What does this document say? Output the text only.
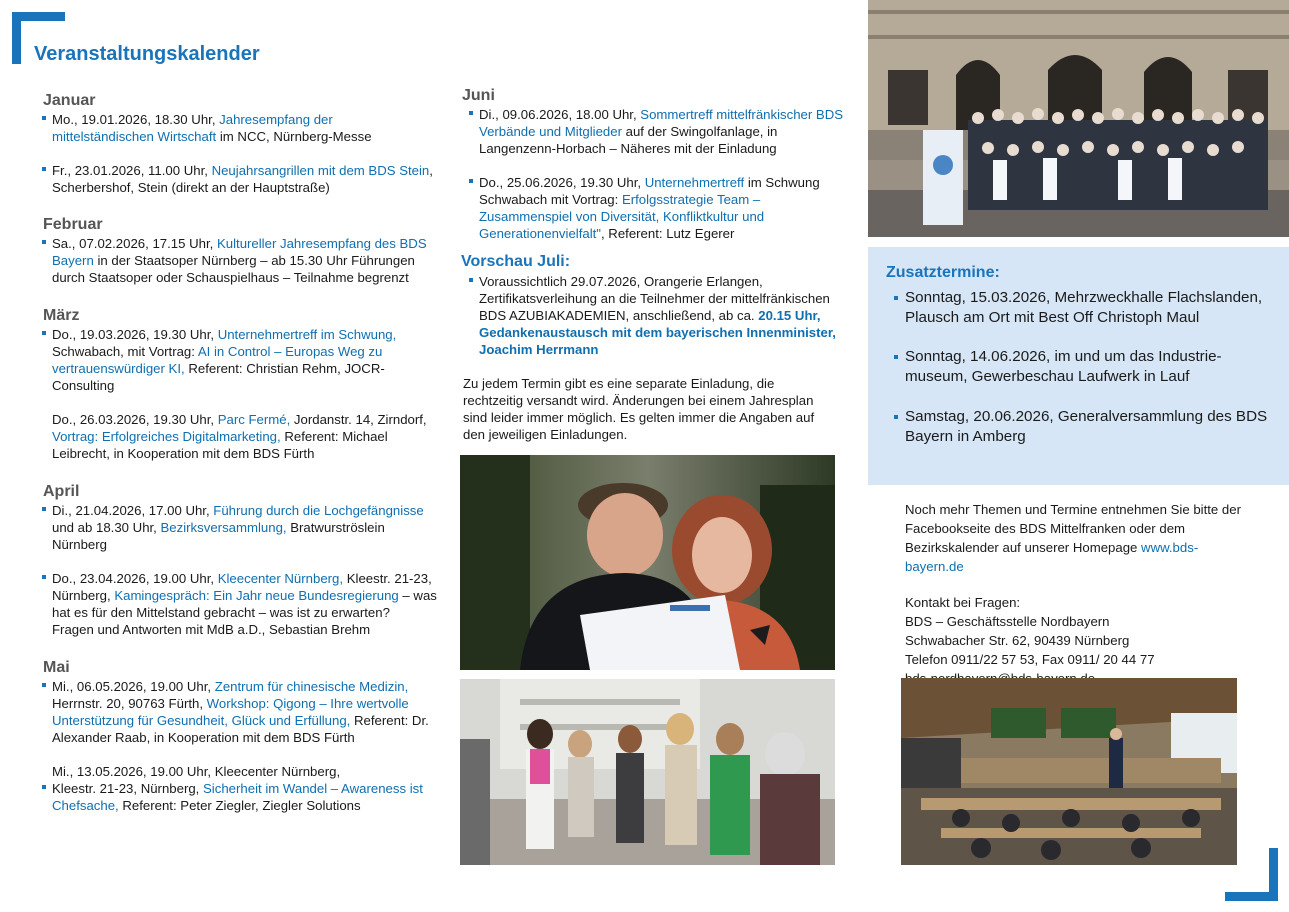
Veranstaltungskalender
Januar

Mo., 19.01.2026, 18.30 Uhr, Jahresempfang der mittelständischen Wirtschaft im NCC, Nürnberg-Messe

Fr., 23.01.2026, 11.00 Uhr, Neujahrsangrillen mit dem BDS Stein, Scherbershof, Stein (direkt an der Hauptstraße)

Februar

Sa., 07.02.2026, 17.15 Uhr, Kultureller Jahresempfang des BDS Bayern in der Staatsoper Nürnberg – ab 15.30 Uhr Führungen durch Staatsoper oder Schauspielhaus – Teilnahme begrenzt

März

Do., 19.03.2026, 19.30 Uhr, Unternehmertreff im Schwung, Schwabach, mit Vortrag: AI in Control – Europas Weg zu vertrauenswürdiger KI, Referent: Christian Rehm, JOCR-Consulting

Do., 26.03.2026, 19.30 Uhr, Parc Fermé, Jordanstr. 14, Zirndorf, Vortrag: Erfolgreiches Digitalmarketing, Referent: Michael Leibrecht, in Kooperation mit dem BDS Fürth

April

Di., 21.04.2026, 17.00 Uhr, Führung durch die Lochgefängnisse und ab 18.30 Uhr, Bezirksversammlung, Bratwurströslein Nürnberg

Do., 23.04.2026, 19.00 Uhr, Kleecenter Nürnberg, Kleestr. 21-23, Nürnberg, Kamingespräch: Ein Jahr neue Bundesregierung – was hat es für den Mittelstand gebracht – was ist zu erwarten?
Fragen und Antworten mit MdB a.D., Sebastian Brehm

Mai

Mi., 06.05.2026, 19.00 Uhr, Zentrum für chinesische Medizin, Herrnstr. 20, 90763 Fürth, Workshop: Qigong – Ihre wertvolle Unterstützung für Gesundheit, Glück und Erfüllung, Referent: Dr. Alexander Raab, in Kooperation mit dem BDS Fürth

Mi., 13.05.2026, 19.00 Uhr, Kleecenter Nürnberg,

Kleestr. 21-23, Nürnberg, Sicherheit im Wandel – Awareness ist Chefsache, Referent: Peter Ziegler, Ziegler Solutions

Juni

Di., 09.06.2026, 18.00 Uhr, Sommertreff mittelfränkischer BDS Verbände und Mitglieder auf der Swingolfanlage, in Langenzenn-Horbach – Näheres mit der Einladung

Do., 25.06.2026, 19.30 Uhr, Unternehmertreff im Schwung Schwabach mit Vortrag: Erfolgsstrategie Team – Zusammenspiel von Diversität, Konfliktkultur und Generationenvielfalt", Referent: Lutz Egerer

Vorschau Juli:

Voraussichtlich 29.07.2026, Orangerie Erlangen, Zertifikatsverleihung an die Teilnehmer der mittelfränkischen BDS AZUBIAKADEMIEN, anschließend, ab ca. 20.15 Uhr, Gedankenaustausch mit dem bayerischen Innenminister, Joachim Herrmann

Zu jedem Termin gibt es eine separate Einladung, die rechtzeitig versandt wird. Änderungen bei einem Jahresplan sind leider immer möglich. Es gelten immer die Angaben auf den jeweiligen Einladungen.

Zusatztermine:
Sonntag, 15.03.2026, Mehrzweckhalle Flachslanden, Plausch am Ort mit Best Off Christoph Maul
Sonntag, 14.06.2026, im und um das Industrie-museum, Gewerbeschau Laufwerk in Lauf
Samstag, 20.06.2026, Generalversammlung des BDS Bayern in Amberg

Noch mehr Themen und Termine entnehmen Sie bitte der Facebookseite des BDS Mittelfranken oder dem Bezirkskalender auf unserer Homepage www.bds-bayern.de

Kontakt bei Fragen:
BDS – Geschäftsstelle Nordbayern
Schwabacher Str. 62, 90439 Nürnberg
Telefon 0911/22 57 53, Fax 0911/ 20 44 77
